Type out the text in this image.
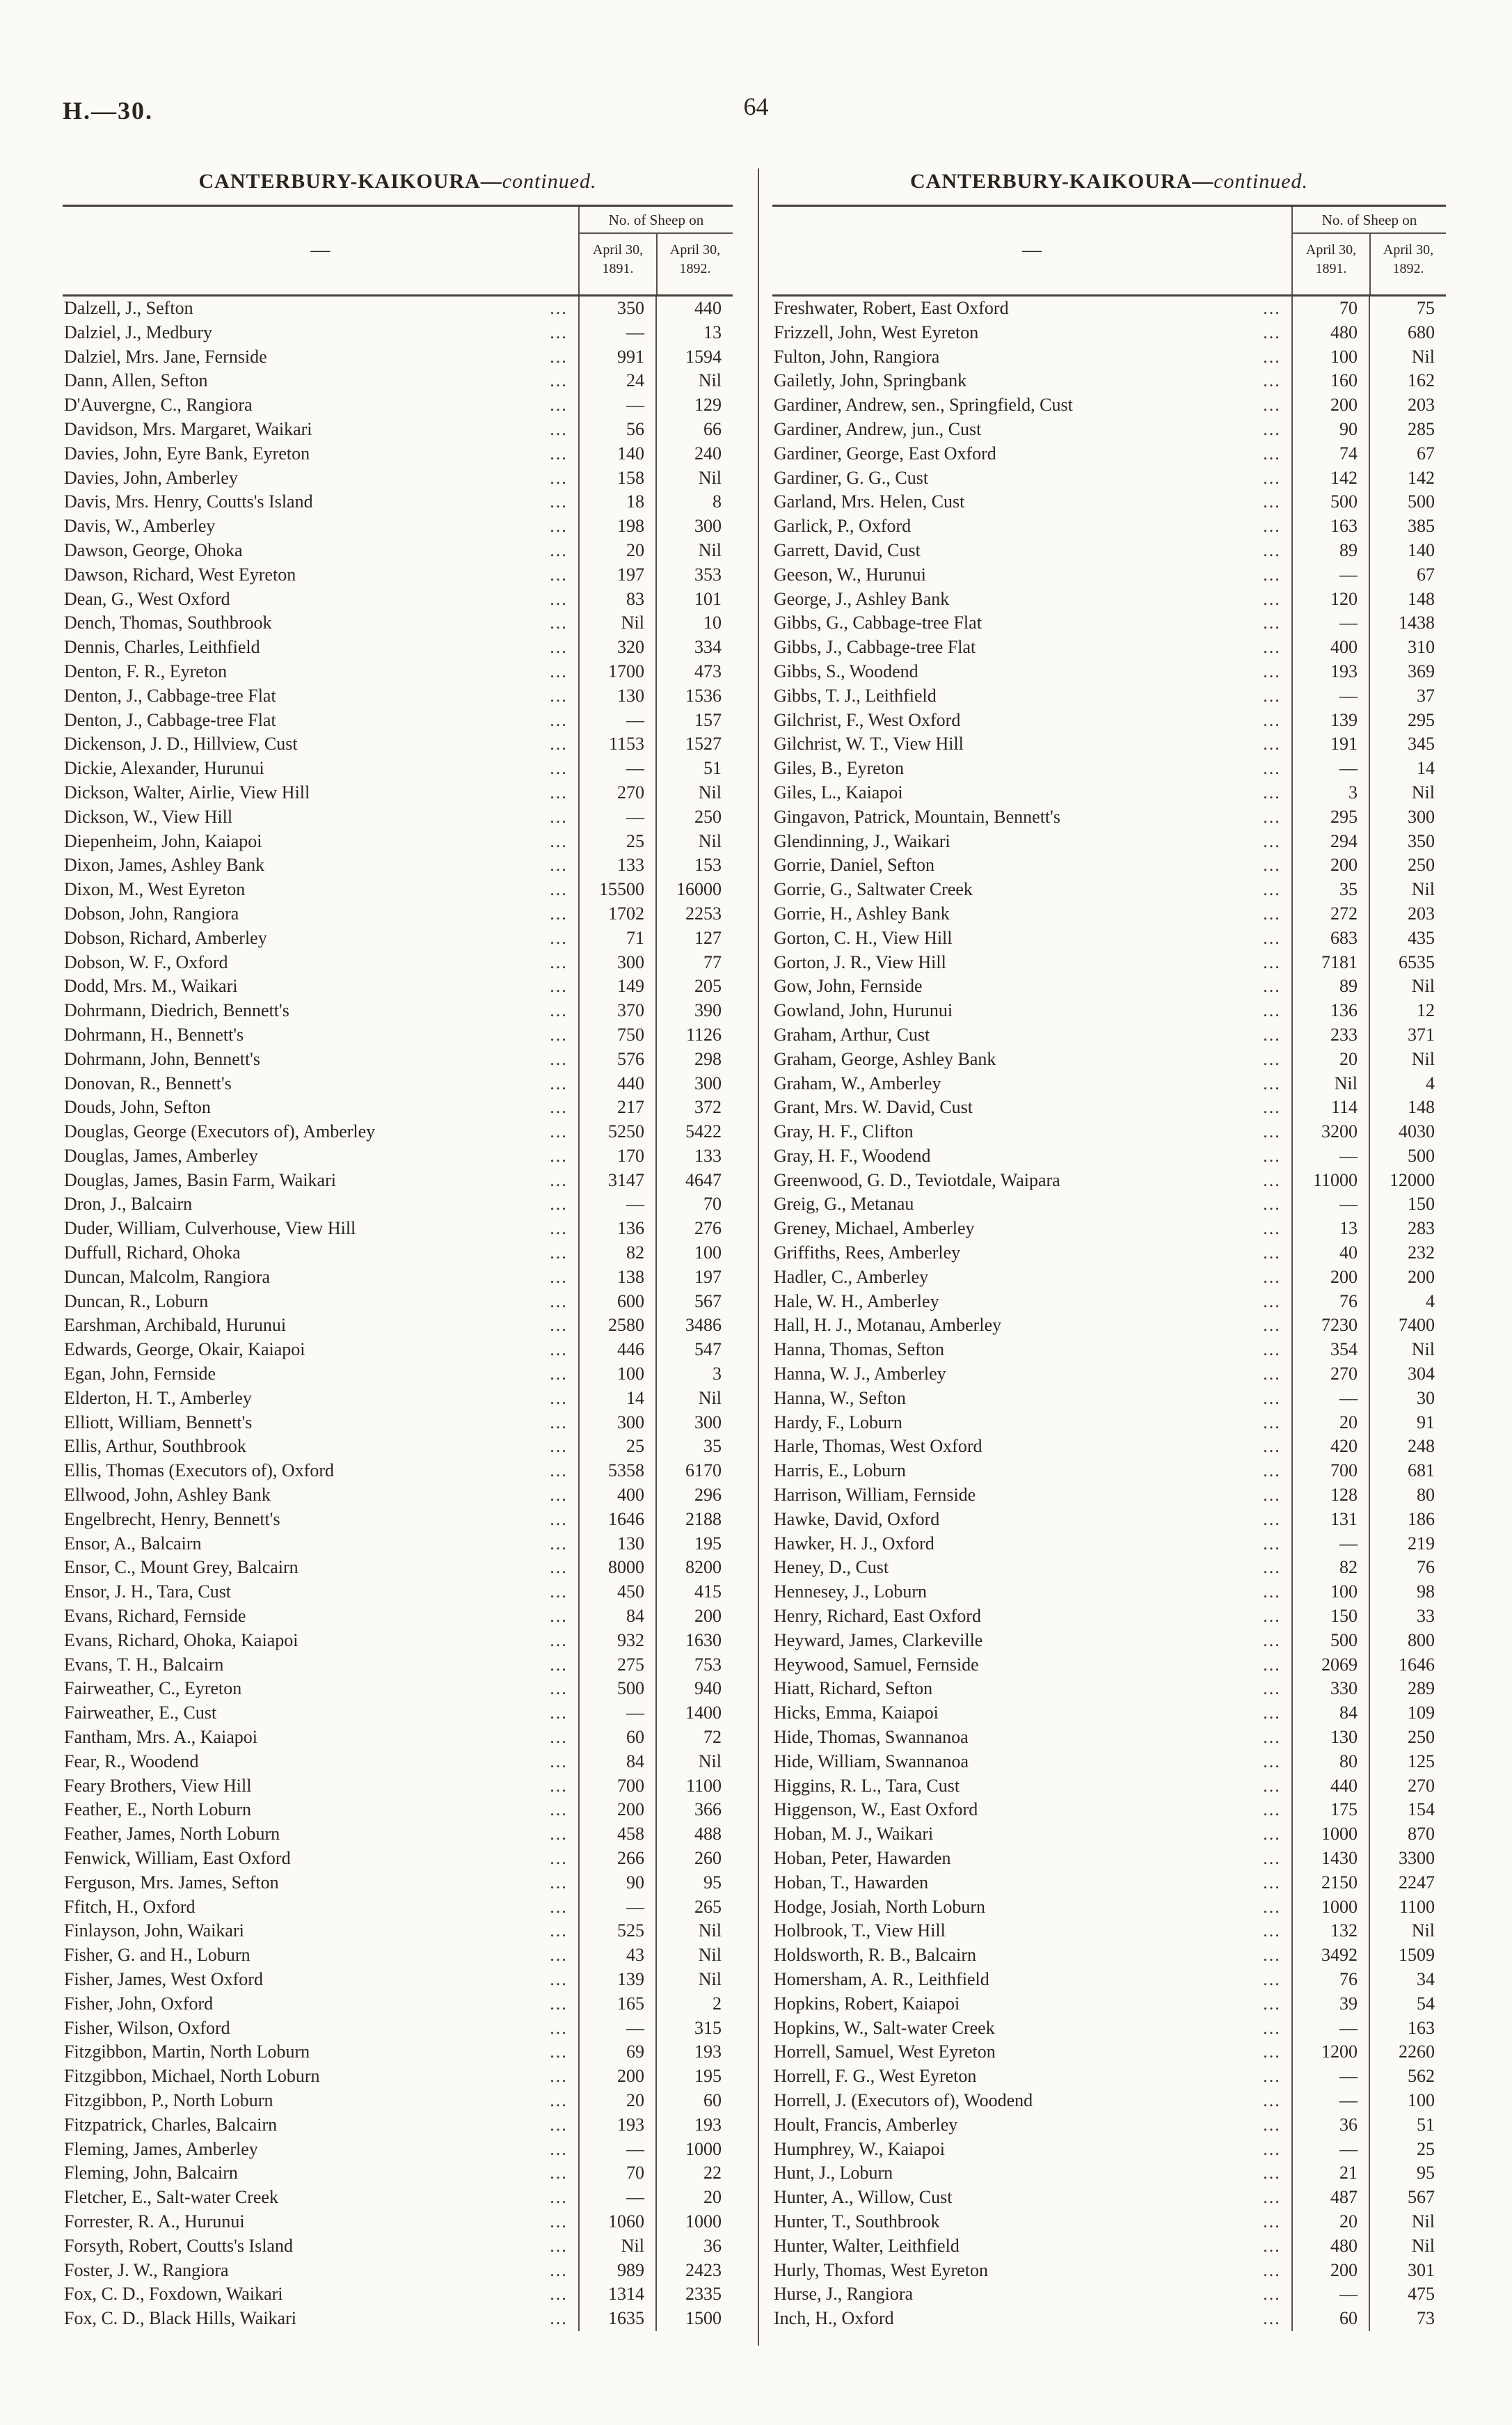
H.—30.	64
CANTERBURY-KAIKOURA—continued.
—
No. of Sheep on
April 30,
1891.
April 30,
1892.
Dalzell, J., Sefton	...	350	440
Dalziel, J., Medbury	...	—	13
Dalziel, Mrs. Jane, Fernside	...	991	1594
Dann, Allen, Sefton	...	24	Nil
D'Auvergne, C., Rangiora	...	—	129
Davidson, Mrs. Margaret, Waikari	...	56	66
Davies, John, Eyre Bank, Eyreton	...	140	240
Davies, John, Amberley	...	158	Nil
Davis, Mrs. Henry, Coutts's Island	...	18	8
Davis, W., Amberley	...	198	300
Dawson, George, Ohoka	...	20	Nil
Dawson, Richard, West Eyreton	...	197	353
Dean, G., West Oxford	...	83	101
Dench, Thomas, Southbrook	...	Nil	10
Dennis, Charles, Leithfield	...	320	334
Denton, F. R., Eyreton	...	1700	473
Denton, J., Cabbage-tree Flat	...	130	1536
Denton, J., Cabbage-tree Flat	...	—	157
Dickenson, J. D., Hillview, Cust	...	1153	1527
Dickie, Alexander, Hurunui	...	—	51
Dickson, Walter, Airlie, View Hill	...	270	Nil
Dickson, W., View Hill	...	—	250
Diepenheim, John, Kaiapoi	...	25	Nil
Dixon, James, Ashley Bank	...	133	153
Dixon, M., West Eyreton	...	15500	16000
Dobson, John, Rangiora	...	1702	2253
Dobson, Richard, Amberley	...	71	127
Dobson, W. F., Oxford	...	300	77
Dodd, Mrs. M., Waikari	...	149	205
Dohrmann, Diedrich, Bennett's	...	370	390
Dohrmann, H., Bennett's	...	750	1126
Dohrmann, John, Bennett's	...	576	298
Donovan, R., Bennett's	...	440	300
Douds, John, Sefton	...	217	372
Douglas, George (Executors of), Amberley	...	5250	5422
Douglas, James, Amberley	...	170	133
Douglas, James, Basin Farm, Waikari	...	3147	4647
Dron, J., Balcairn	...	—	70
Duder, William, Culverhouse, View Hill	...	136	276
Duffull, Richard, Ohoka	...	82	100
Duncan, Malcolm, Rangiora	...	138	197
Duncan, R., Loburn	...	600	567
Earshman, Archibald, Hurunui	...	2580	3486
Edwards, George, Okair, Kaiapoi	...	446	547
Egan, John, Fernside	...	100	3
Elderton, H. T., Amberley	...	14	Nil
Elliott, William, Bennett's	...	300	300
Ellis, Arthur, Southbrook	...	25	35
Ellis, Thomas (Executors of), Oxford	...	5358	6170
Ellwood, John, Ashley Bank	...	400	296
Engelbrecht, Henry, Bennett's	...	1646	2188
Ensor, A., Balcairn	...	130	195
Ensor, C., Mount Grey, Balcairn	...	8000	8200
Ensor, J. H., Tara, Cust	...	450	415
Evans, Richard, Fernside	...	84	200
Evans, Richard, Ohoka, Kaiapoi	...	932	1630
Evans, T. H., Balcairn	...	275	753
Fairweather, C., Eyreton	...	500	940
Fairweather, E., Cust	...	—	1400
Fantham, Mrs. A., Kaiapoi	...	60	72
Fear, R., Woodend	...	84	Nil
Feary Brothers, View Hill	...	700	1100
Feather, E., North Loburn	...	200	366
Feather, James, North Loburn	...	458	488
Fenwick, William, East Oxford	...	266	260
Ferguson, Mrs. James, Sefton	...	90	95
Ffitch, H., Oxford	...	—	265
Finlayson, John, Waikari	...	525	Nil
Fisher, G. and H., Loburn	...	43	Nil
Fisher, James, West Oxford	...	139	Nil
Fisher, John, Oxford	...	165	2
Fisher, Wilson, Oxford	...	—	315
Fitzgibbon, Martin, North Loburn	...	69	193
Fitzgibbon, Michael, North Loburn	...	200	195
Fitzgibbon, P., North Loburn	...	20	60
Fitzpatrick, Charles, Balcairn	...	193	193
Fleming, James, Amberley	...	—	1000
Fleming, John, Balcairn	...	70	22
Fletcher, E., Salt-water Creek	...	—	20
Forrester, R. A., Hurunui	...	1060	1000
Forsyth, Robert, Coutts's Island	...	Nil	36
Foster, J. W., Rangiora	...	989	2423
Fox, C. D., Foxdown, Waikari	...	1314	2335
Fox, C. D., Black Hills, Waikari	...	1635	1500
CANTERBURY-KAIKOURA—continued.
—
No. of Sheep on
April 30,
1891.
April 30,
1892.
Freshwater, Robert, East Oxford	...	70	75
Frizzell, John, West Eyreton	...	480	680
Fulton, John, Rangiora	...	100	Nil
Gailetly, John, Springbank	...	160	162
Gardiner, Andrew, sen., Springfield, Cust	...	200	203
Gardiner, Andrew, jun., Cust	...	90	285
Gardiner, George, East Oxford	...	74	67
Gardiner, G. G., Cust	...	142	142
Garland, Mrs. Helen, Cust	...	500	500
Garlick, P., Oxford	...	163	385
Garrett, David, Cust	...	89	140
Geeson, W., Hurunui	...	—	67
George, J., Ashley Bank	...	120	148
Gibbs, G., Cabbage-tree Flat	...	—	1438
Gibbs, J., Cabbage-tree Flat	...	400	310
Gibbs, S., Woodend	...	193	369
Gibbs, T. J., Leithfield	...	—	37
Gilchrist, F., West Oxford	...	139	295
Gilchrist, W. T., View Hill	...	191	345
Giles, B., Eyreton	...	—	14
Giles, L., Kaiapoi	...	3	Nil
Gingavon, Patrick, Mountain, Bennett's	...	295	300
Glendinning, J., Waikari	...	294	350
Gorrie, Daniel, Sefton	...	200	250
Gorrie, G., Saltwater Creek	...	35	Nil
Gorrie, H., Ashley Bank	...	272	203
Gorton, C. H., View Hill	...	683	435
Gorton, J. R., View Hill	...	7181	6535
Gow, John, Fernside	...	89	Nil
Gowland, John, Hurunui	...	136	12
Graham, Arthur, Cust	...	233	371
Graham, George, Ashley Bank	...	20	Nil
Graham, W., Amberley	...	Nil	4
Grant, Mrs. W. David, Cust	...	114	148
Gray, H. F., Clifton	...	3200	4030
Gray, H. F., Woodend	...	—	500
Greenwood, G. D., Teviotdale, Waipara	...	11000	12000
Greig, G., Metanau	...	—	150
Greney, Michael, Amberley	...	13	283
Griffiths, Rees, Amberley	...	40	232
Hadler, C., Amberley	...	200	200
Hale, W. H., Amberley	...	76	4
Hall, H. J., Motanau, Amberley	...	7230	7400
Hanna, Thomas, Sefton	...	354	Nil
Hanna, W. J., Amberley	...	270	304
Hanna, W., Sefton	...	—	30
Hardy, F., Loburn	...	20	91
Harle, Thomas, West Oxford	...	420	248
Harris, E., Loburn	...	700	681
Harrison, William, Fernside	...	128	80
Hawke, David, Oxford	...	131	186
Hawker, H. J., Oxford	...	—	219
Heney, D., Cust	...	82	76
Hennesey, J., Loburn	...	100	98
Henry, Richard, East Oxford	...	150	33
Heyward, James, Clarkeville	...	500	800
Heywood, Samuel, Fernside	...	2069	1646
Hiatt, Richard, Sefton	...	330	289
Hicks, Emma, Kaiapoi	...	84	109
Hide, Thomas, Swannanoa	...	130	250
Hide, William, Swannanoa	...	80	125
Higgins, R. L., Tara, Cust	...	440	270
Higgenson, W., East Oxford	...	175	154
Hoban, M. J., Waikari	...	1000	870
Hoban, Peter, Hawarden	...	1430	3300
Hoban, T., Hawarden	...	2150	2247
Hodge, Josiah, North Loburn	...	1000	1100
Holbrook, T., View Hill	...	132	Nil
Holdsworth, R. B., Balcairn	...	3492	1509
Homersham, A. R., Leithfield	...	76	34
Hopkins, Robert, Kaiapoi	...	39	54
Hopkins, W., Salt-water Creek	...	—	163
Horrell, Samuel, West Eyreton	...	1200	2260
Horrell, F. G., West Eyreton	...	—	562
Horrell, J. (Executors of), Woodend	...	—	100
Hoult, Francis, Amberley	...	36	51
Humphrey, W., Kaiapoi	...	—	25
Hunt, J., Loburn	...	21	95
Hunter, A., Willow, Cust	...	487	567
Hunter, T., Southbrook	...	20	Nil
Hunter, Walter, Leithfield	...	480	Nil
Hurly, Thomas, West Eyreton	...	200	301
Hurse, J., Rangiora	...	—	475
Inch, H., Oxford	...	60	73
